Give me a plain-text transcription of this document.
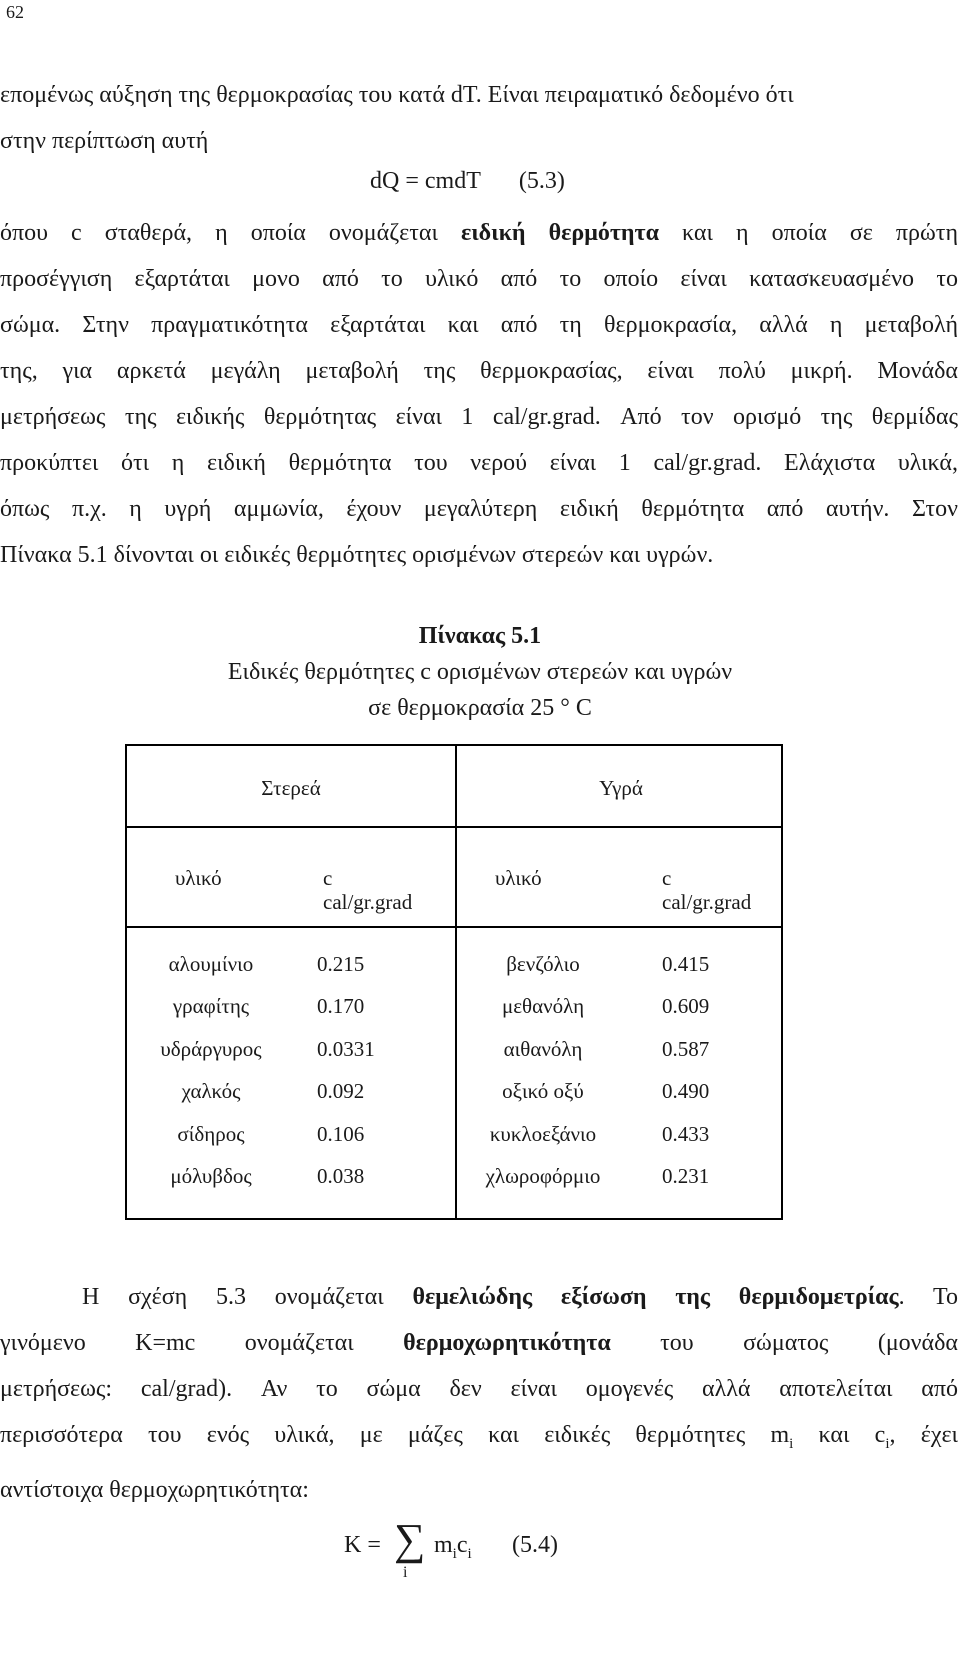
62

επομένως αύξηση της θερμοκρασίας του κατά dT. Είναι πειραματικό δεδομένο ότι
στην περίπτωση αυτή

dQ = cmdT (5.3)

όπου c σταθερά, η οποία ονομάζεται ειδική θερμότητα και η οποία σε πρώτη
προσέγγιση εξαρτάται μονο από το υλικό από το οποίο είναι κατασκευασμένο το
σώμα. Στην πραγματικότητα εξαρτάται και από τη θερμοκρασία, αλλά η μεταβολή
της, για αρκετά μεγάλη μεταβολή της θερμοκρασίας, είναι πολύ μικρή. Μονάδα
μετρήσεως της ειδικής θερμότητας είναι 1 cal/gr.grad. Από τον ορισμό της θερμίδας
προκύπτει ότι η ειδική θερμότητα του νερού είναι 1 cal/gr.grad. Ελάχιστα υλικά,
όπως π.χ. η υγρή αμμωνία, έχουν μεγαλύτερη ειδική θερμότητα από αυτήν. Στον
Πίνακα 5.1 δίνονται οι ειδικές θερμότητες ορισμένων στερεών και υγρών.

Πίνακας 5.1
Ειδικές θερμότητες c ορισμένων στερεών και υγρών
σε θερμοκρασία 25 ° C
Στερεά	Υγρά
υλικό	c
cal/gr.grad
υλικό	c
cal/gr.grad
αλουμίνιο	0.215	βενζόλιο	0.415
γραφίτης	0.170	μεθανόλη	0.609
υδράργυρος	0.0331	αιθανόλη	0.587
χαλκός	0.092	οξικό οξύ	0.490
σίδηρος	0.106	κυκλοεξάνιο	0.433
μόλυβδος	0.038	χλωροφόρμιο	0.231

Η σχέση 5.3 ονομάζεται θεμελιώδης εξίσωση της θερμιδομετρίας. Το
γινόμενο K=mc ονομάζεται θερμοχωρητικότητα του σώματος (μονάδα
μετρήσεως: cal/grad). Αν το σώμα δεν είναι ομογενές αλλά αποτελείται από
περισσότερα του ενός υλικά, με μάζες και ειδικές θερμότητες $m_i$ και $c_i$, έχει
αντίστοιχα θερμοχωρητικότητα:

K = ∑
i
$m_ic_i$ (5.4)
